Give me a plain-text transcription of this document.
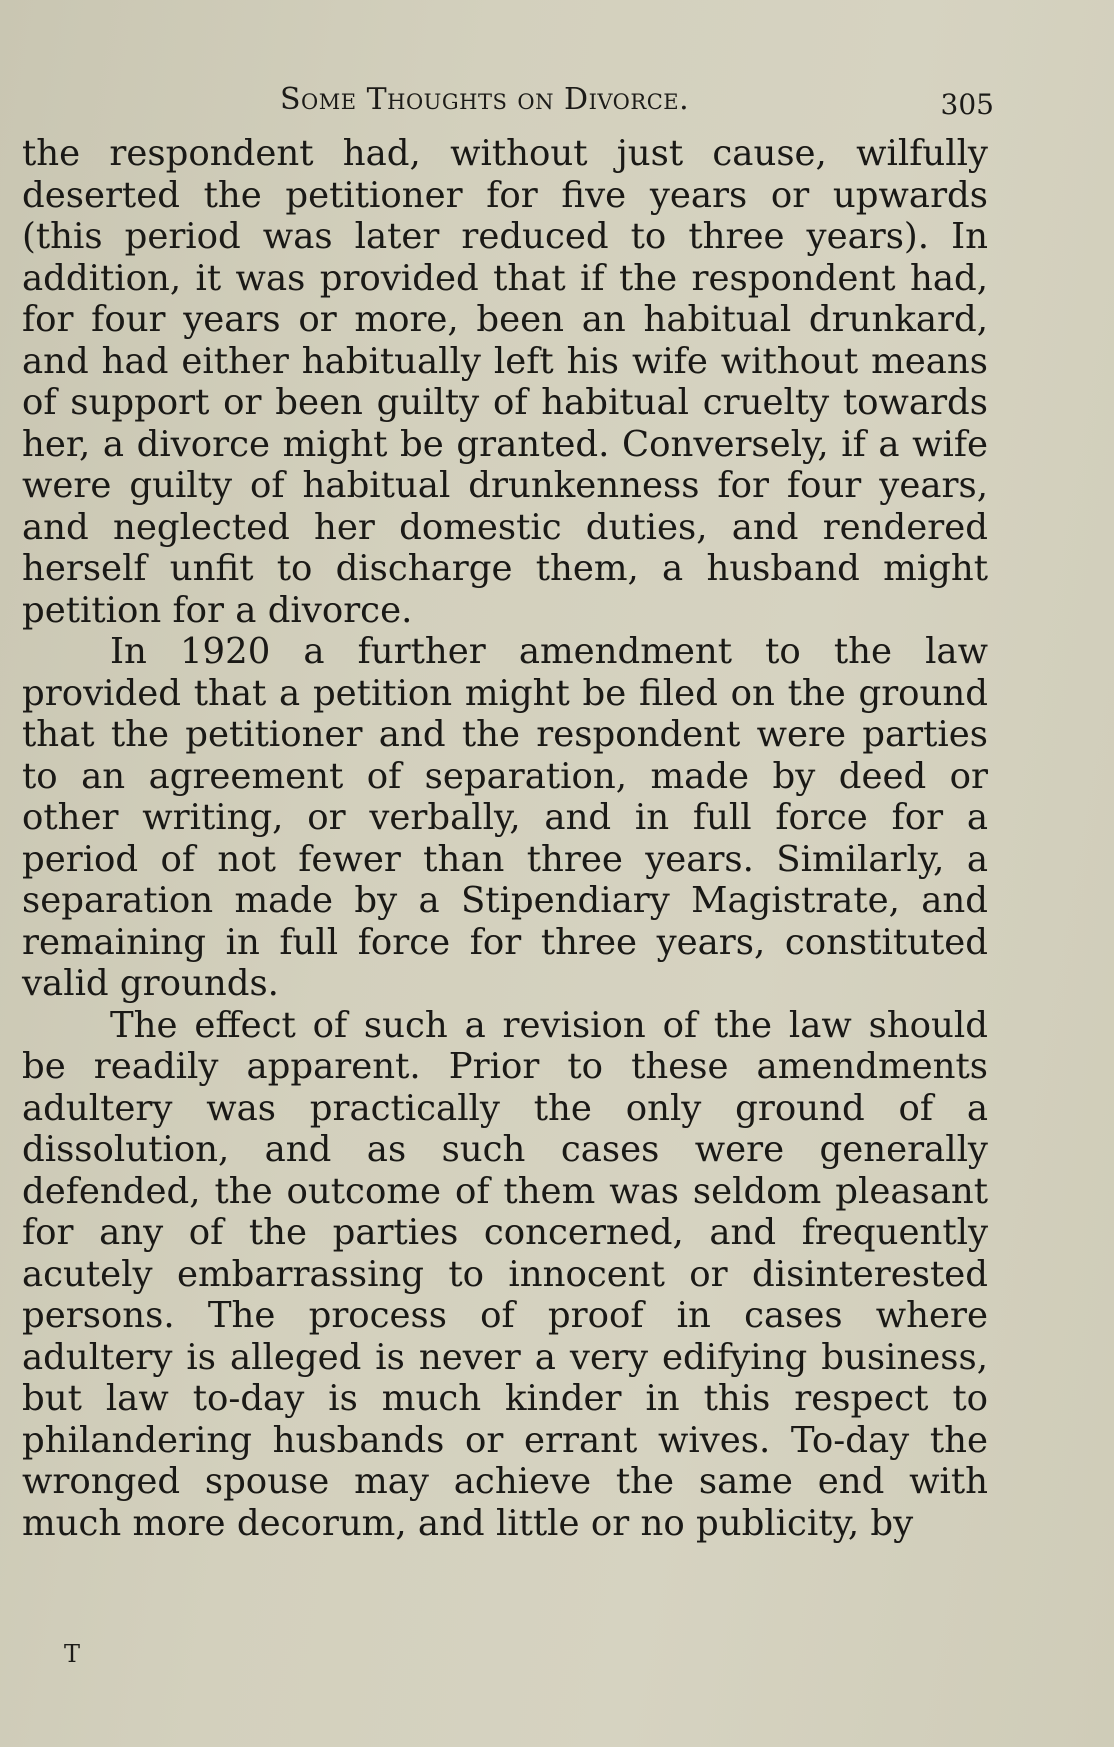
Some Thoughts on Divorce.	305

the respondent had, without just cause, wilfully deserted the petitioner for five years or upwards (this period was later reduced to three years). In addition, it was provided that if the respondent had, for four years or more, been an habitual drunkard, and had either habitually left his wife without means of support or been guilty of habitual cruelty towards her, a divorce might be granted. Conversely, if a wife were guilty of habitual drunkenness for four years, and neglected her domestic duties, and rendered herself unfit to discharge them, a husband might petition for a divorce.

In 1920 a further amendment to the law provided that a petition might be filed on the ground that the petitioner and the respondent were parties to an agreement of separation, made by deed or other writing, or verbally, and in full force for a period of not fewer than three years. Similarly, a separation made by a Stipendiary Magistrate, and remaining in full force for three years, constituted valid grounds.

The effect of such a revision of the law should be readily apparent. Prior to these amendments adultery was practically the only ground of a dissolution, and as such cases were generally defended, the outcome of them was seldom pleasant for any of the parties concerned, and frequently acutely embarrassing to innocent or disinterested persons. The process of proof in cases where adultery is alleged is never a very edifying business, but law to-day is much kinder in this respect to philandering husbands or errant wives. To-day the wronged spouse may achieve the same end with much more decorum, and little or no publicity, by

T
